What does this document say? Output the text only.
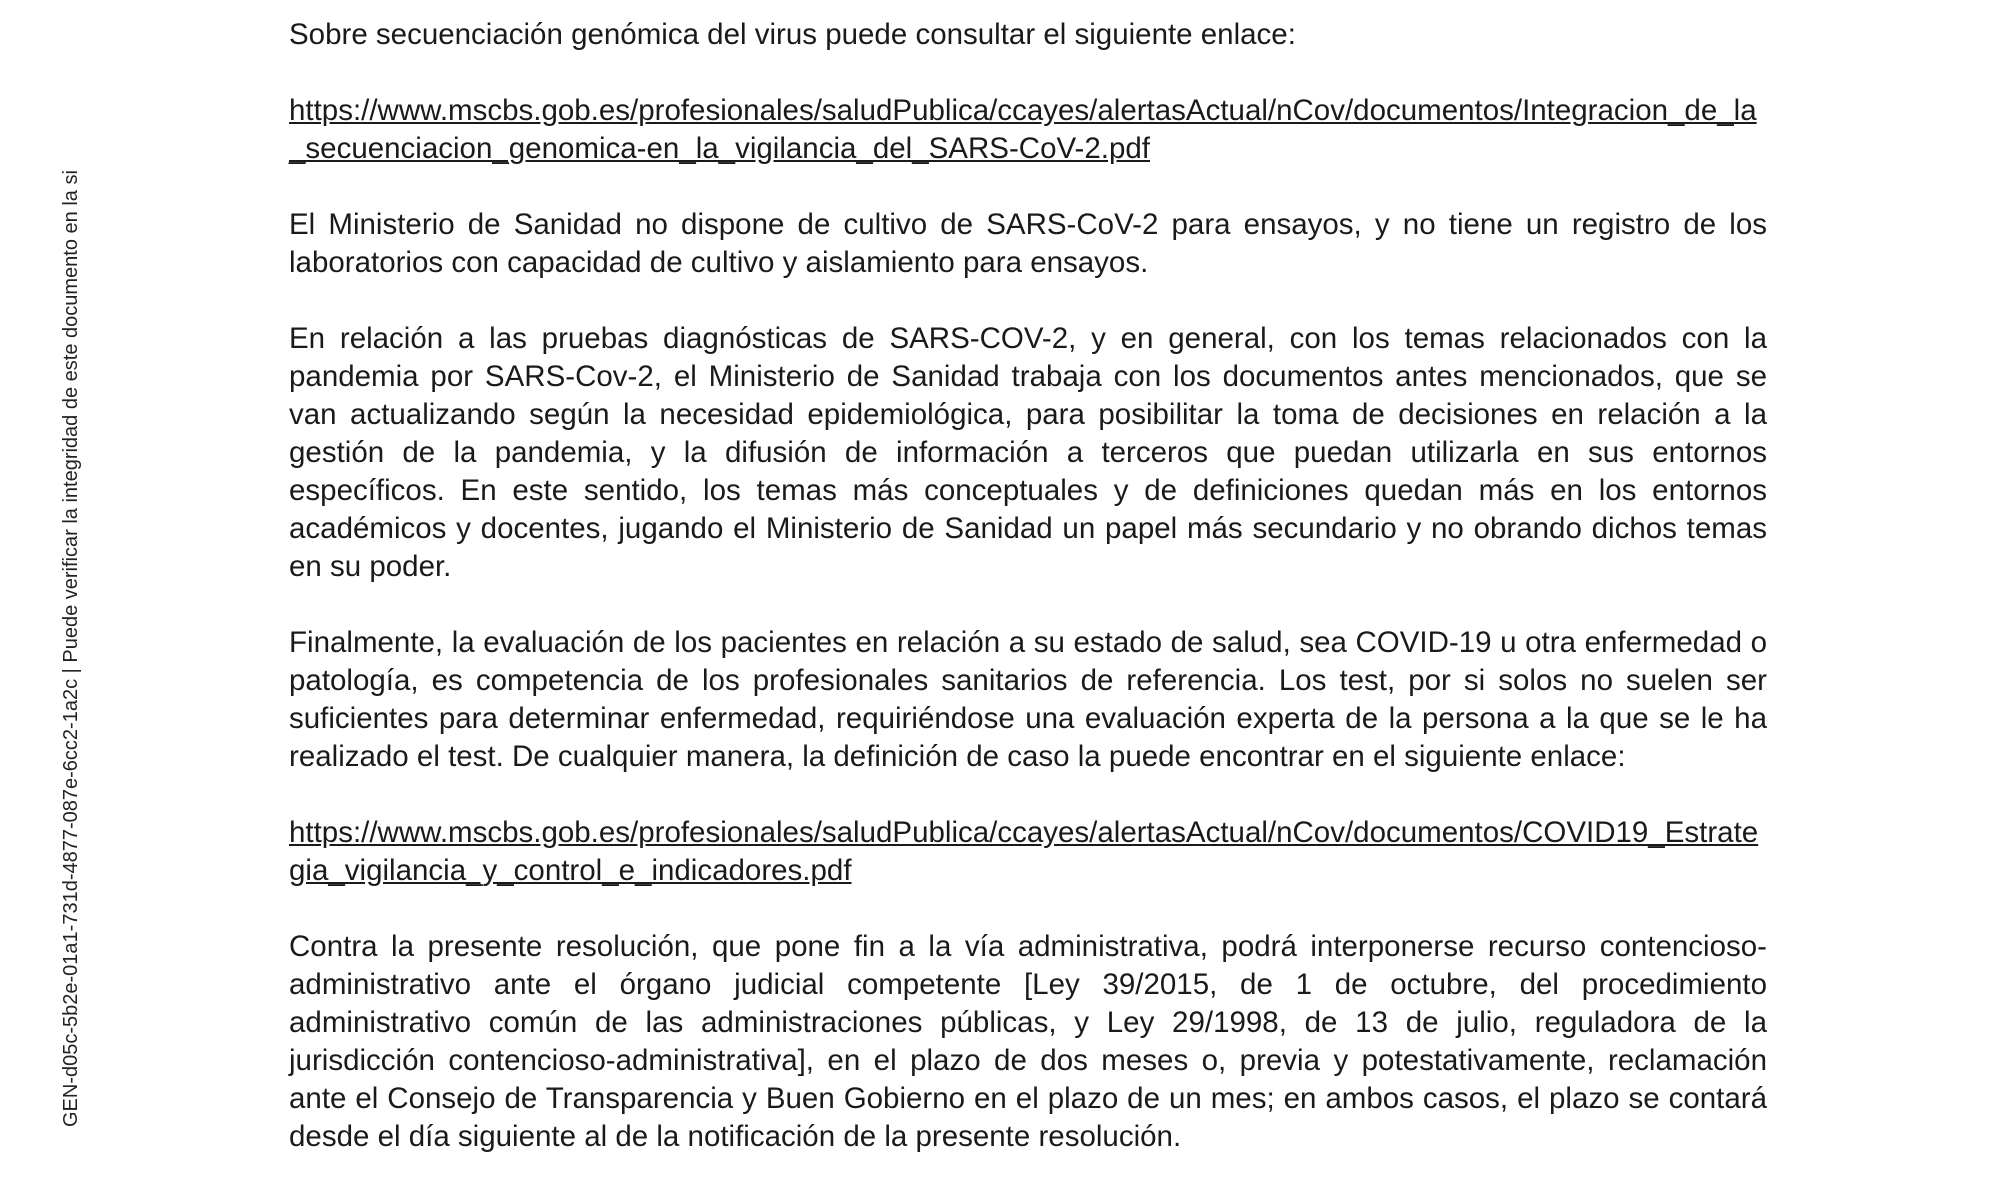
GEN-d05c-5b2e-01a1-731d-4877-087e-6cc2-1a2c | Puede verificar la integridad de este documento en la si

Sobre secuenciación genómica del virus puede consultar el siguiente enlace:

https://www.mscbs.gob.es/profesionales/saludPublica/ccayes/alertasActual/nCov/documentos/Integracion_de_la_secuenciacion_genomica-en_la_vigilancia_del_SARS-CoV-2.pdf

El Ministerio de Sanidad no dispone de cultivo de SARS-CoV-2 para ensayos, y no tiene un registro de los laboratorios con capacidad de cultivo y aislamiento para ensayos.

En relación a las pruebas diagnósticas de SARS-COV-2, y en general, con los temas relacionados con la pandemia por SARS-Cov-2, el Ministerio de Sanidad trabaja con los documentos antes mencionados, que se van actualizando según la necesidad epidemiológica, para posibilitar la toma de decisiones en relación a la gestión de la pandemia, y la difusión de información a terceros que puedan utilizarla en sus entornos específicos. En este sentido, los temas más conceptuales y de definiciones quedan más en los entornos académicos y docentes, jugando el Ministerio de Sanidad un papel más secundario y no obrando dichos temas en su poder.

Finalmente, la evaluación de los pacientes en relación a su estado de salud, sea COVID-19 u otra enfermedad o patología, es competencia de los profesionales sanitarios de referencia. Los test, por si solos no suelen ser suficientes para determinar enfermedad, requiriéndose una evaluación experta de la persona a la que se le ha realizado el test. De cualquier manera, la definición de caso la puede encontrar en el siguiente enlace:

https://www.mscbs.gob.es/profesionales/saludPublica/ccayes/alertasActual/nCov/documentos/COVID19_Estrategia_vigilancia_y_control_e_indicadores.pdf

Contra la presente resolución, que pone fin a la vía administrativa, podrá interponerse recurso contencioso-administrativo ante el órgano judicial competente [Ley 39/2015, de 1 de octubre, del procedimiento administrativo común de las administraciones públicas, y Ley 29/1998, de 13 de julio, reguladora de la jurisdicción contencioso-administrativa], en el plazo de dos meses o, previa y potestativamente, reclamación ante el Consejo de Transparencia y Buen Gobierno en el plazo de un mes; en ambos casos, el plazo se contará desde el día siguiente al de la notificación de la presente resolución.
